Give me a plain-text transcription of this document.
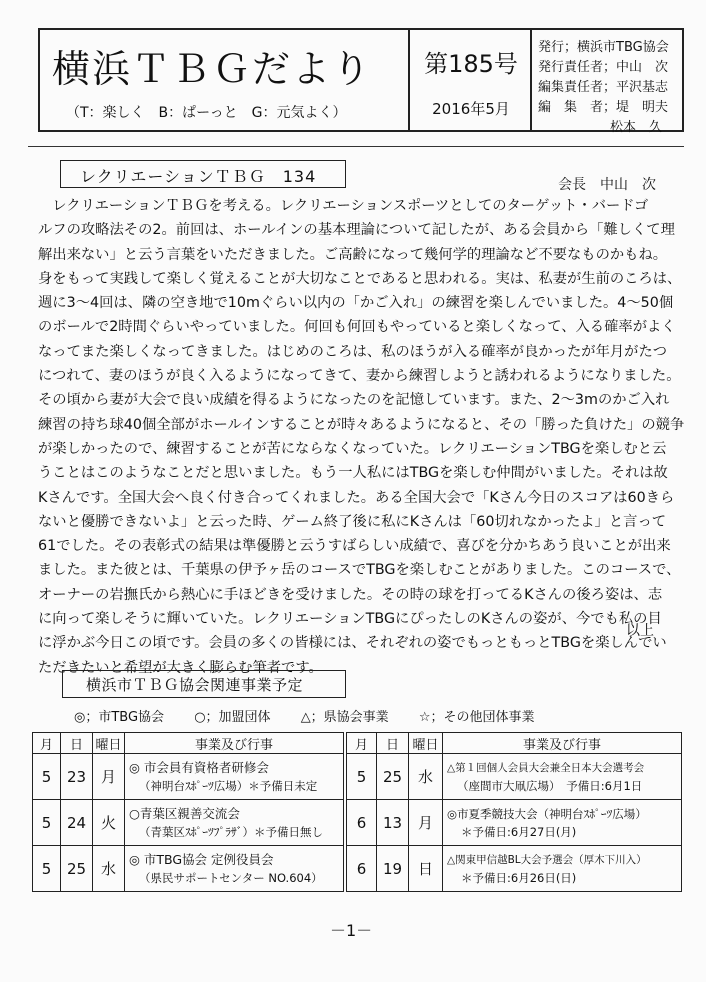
横浜ＴＢＧだより
（T：楽しく　B：ぱーっと　G：元気よく）
第185号
2016年5月
発行；横浜市TBG協会
発行責任者；中山　次
編集責任者；平沢基志
編　集　者；堤　明夫
松本　久
レクリエーションＴＢＧ　134	会長　中山　次

　レクリエーションＴＢＧを考える。レクリエーションスポーツとしてのターゲット・バードゴ

ルフの攻略法その2。前回は、ホールインの基本理論について記したが、ある会員から「難しくて理

解出来ない」と云う言葉をいただきました。ご高齢になって幾何学的理論など不要なものかもね。

身をもって実践して楽しく覚えることが大切なことであると思われる。実は、私妻が生前のころは、

週に3～4回は、隣の空き地で10mぐらい以内の「かご入れ」の練習を楽しんでいました。4～50個

のボールで2時間ぐらいやっていました。何回も何回もやっていると楽しくなって、入る確率がよく

なってまた楽しくなってきました。はじめのころは、私のほうが入る確率が良かったが年月がたつ

につれて、妻のほうが良く入るようになってきて、妻から練習しようと誘われるようになりました。

その頃から妻が大会で良い成績を得るようになったのを記憶しています。また、2～3mのかご入れ

練習の持ち球40個全部がホールインすることが時々あるようになると、その「勝った負けた」の競争

が楽しかったので、練習することが苦にならなくなっていた。レクリエーションTBGを楽しむと云

うことはこのようなことだと思いました。もう一人私にはTBGを楽しむ仲間がいました。それは故

Kさんです。全国大会へ良く付き合ってくれました。ある全国大会で「Kさん今日のスコアは60きら

ないと優勝できないよ」と云った時、ゲーム終了後に私にKさんは「60切れなかったよ」と言って

61でした。その表彰式の結果は準優勝と云うすばらしい成績で、喜びを分かちあう良いことが出来

ました。また彼とは、千葉県の伊予ヶ岳のコースでTBGを楽しむことがありました。このコースで、

オーナーの岩撫氏から熱心に手ほどきを受けました。その時の球を打ってるKさんの後ろ姿は、志

に向って楽しそうに輝いていた。レクリエーションTBGにぴったしのKさんの姿が、今でも私の目

に浮かぶ今日この頃です。会員の多くの皆様には、それぞれの姿でもっともっとTBGを楽しんでい

ただきたいと希望が大きく膨らむ筆者です。

以上
横浜市ＴＢＧ協会関連事業予定
◎；市TBG協会 ○；加盟団体 △；県協会事業 ☆；その他団体事業
月	日	曜日	事業及び行事
5	23	月	◎ 市会員有資格者研修会
（神明台ｽﾎﾟｰﾂ広場）＊予備日未定

5	24	火	○青葉区親善交流会
（青葉区ｽﾎﾟｰﾂﾌﾟﾗｻﾞ）＊予備日無し

5	25	水	◎ 市TBG協会 定例役員会
（県民サポートセンター NO.604）
月	日	曜日	事業及び行事
5	25	水	△第１回個人会員大会兼全日本大会選考会
（座間市大凧広場）　予備日:6月1日

6	13	月	◎市夏季競技大会（神明台ｽﾎﾟｰﾂ広場）
＊予備日:6月27日(月)

6	19	日	△関東甲信越BL大会予選会（厚木下川入）
＊予備日:6月26日(日)
－1－
